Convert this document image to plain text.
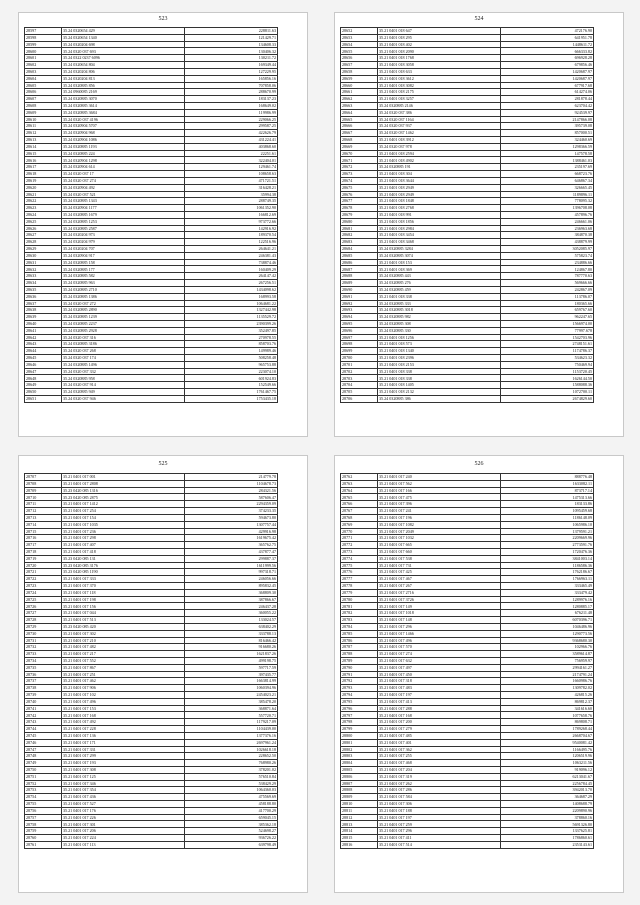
523
28597	35.24 0320654 429	228811.63
28598	35.24 0320654 1340	121429.71
28599	35.24 0320204 698	134608.33
28600	35.24 0320 037 693	130406.32
28601	35.24 0322 0237 6096	130211.72
28602	35.24 0320654 804	169349.44
28603	35.24 0320204 806	127229.95
28604	35.24 0320204 813	165856.16
28605	35.24 0320885 856	707858.06
28606	35.24 0960085 2169	288670.99
28607	35.24 0320885 3070	183137.23
28608	35.24 0320885 3614	168649.02
28609	35.24 0320885 3684	119986.99
28610	35.24 0320 037 4196	229066.25
28611	35.24 0320904 5707	299587.25
28612	35.24 0320904 968	422626.79
28613	35.24 0320904 1086	431224.41
28614	35.24 0320885 1193	403868.60
28615	35.24 0320885 224	22251.61
28616	35.24 0320904 1298	322404.01
28617	35.24 0320904 614	129461.74
28618	35.24 0320 037 17	108658.63
28619	35.24 0320 037 274	471721.51
28620	35.24 0320904 492	316428.21
28621	35.24 0320 037 521	35994.38
28622	35.24 0320885 1343	288749.35
28623	35.24 0320904 1177	1061352.90
28624	35.24 0320885 1679	166812.69
28625	35.24 0320885 1253	973772.66
28626	35.24 0320885 2587	142916.92
28627	35.24 0320204 973	189370.54
28628	35.24 0320204 979	122516.96
28629	35.24 0320204 707	264641.21
28630	35.24 0320904 917	246381.43
28631	35.24 0320885 158	738874.46
28632	35.24 0320885 177	160409.29
28633	35.24 0320885 582	264147.42
28634	35.24 0320885 963	267256.51
28635	35.24 0320885 2710	1434098.62
28636	35.24 0320885 1386	168993.58
28637	35.24 0320 037 272	1064681.22
28638	35.24 0320885 2890	1327442.98
28639	35.24 0320885 1239	1135529.72
28640	35.24 0320885 2237	2390399.26
28641	35.24 0320885 2928	352497.85
28642	35.24 0320 037 316	270978.55
28643	35.24 0320885 3186	858703.76
28644	35.24 0320 037 268	149989.46
28645	35.24 0320 037 174	508258.48
28646	35.24 0320885 1496	965753.88
28647	35.24 0320 037 332	223074.10
28648	35.24 0320885 958	601924.83
28649	35.24 0320 037 914	152549.66
28650	35.24 0320885 949	1761467.75
28651	35.24 0320 037 946	1753435.18
524
28652	35.21 0401 018 647	472176.90
28653	35.21 0401 018 295	641951.78
28654	35.21 0401 018 402	1448611.72
28655	35.21 0401 018 2090	666333.82
28656	35.21 0401 018 1768	696928.28
28657	35.21 0401 018 3058	679856.46
28658	35.21 0401 018 633	1420687.97
28659	35.21 0401 018 3612	1420687.97
28660	35.21 0401 018 3082	677917.68
28661	35.21 0401 018 2175	614274.06
28662	35.21 0401 018 3257	281878.44
28663	35.24 0320885 2146	623704.42
28664	35.24 0320 037 386	924539.97
28665	35.24 0320 037 1164	2147866.08
28666	35.24 0320 037 937	395739.08
28667	35.24 0320 037 1462	857000.51
28668	35.21 0401 018 3912	324460.69
28669	35.24 0320 037 978	1298366.59
28670	35.21 0401 018 2594	147578.58
28671	35.21 0401 018 4902	1388461.03
28672	35.24 0320885 191	235197.69
28673	35.21 0401 018 304	668723.76
28674	35.21 0401 018 3644	646867.34
28675	35.21 0401 018 2949	326665.45
28676	35.21 0401 018 2949	1189896.11
28677	35.21 0401 018 1848	778095.32
28678	35.21 0401 018 2768	1396708.08
28679	35.21 0401 018 991	457896.76
28680	35.21 0401 018 1856	246661.06
28681	35.21 0401 018 2984	236963.68
28682	35.21 0401 018 3454	384870.38
28683	35.21 0401 018 3468	438879.99
28684	35.24 0320885 3284	3052085.97
28685	35.24 0320885 3074	575823.74
28686	35.21 0401 018 153	234886.66
28687	35.21 0401 018 369	124867.80
28688	35.24 0320885 443	787770.63
28689	35.24 0320885 276	569666.66
28690	35.24 0320885 459	242867.09
28691	35.21 0401 018 338	113786.07
28692	35.24 0320885 333	180365.66
28693	35.24 0320885 3018	659767.60
28694	35.24 0320885 982	962247.65
28695	35.24 0320885 308	1566974.00
28696	35.24 0320885 330	77997.678
28697	35.21 0401 018 1256	1542703.96
28698	35.21 0401 018 573	2748151.61
28699	35.21 0401 018 1340	1174786.37
28700	35.21 0401 018 2396	534623.32
28701	35.21 0401 018 2153	750469.94
28702	35.21 0401 018 338	1153720.45
28703	35.21 0401 018 338	1626144.50
28704	35.21 0401 018 1405	1588088.36
28705	35.21 0401 018 2132	1072700.11
28706	35.24 0320885 386	2674829.60
525
28707	35.21 0401 017 001	214779.78
28708	35.21 0401 017 2808	1104678.73
28709	35.23 0420 085 1316	284321.56
28710	35.23 0420 085 2875	587606.47
28711	35.21 0401 017 1412	2294359.09
28712	35.21 0401 017 254	374233.35
28713	35.21 0401 017 154	594673.80
28714	35.21 0401 017 1035	1307757.44
28715	35.21 0401 017 236	429916.98
28716	35.21 0401 017 298	1619675.42
28717	35.21 0401 017 407	365762.75
28718	35.21 0401 017 418	437877.47
28719	35.23 0420 085 131	299887.37
28720	35.23 0420 085 3176	1611999.56
28721	35.23 0420 085 1190	997318.71
28722	35.21 0401 017 333	246056.66
28723	35.21 0401 017 370	895832.45
28724	35.21 0401 017 118	368809.30
28725	35.21 0401 017 198	387866.67
28726	35.21 0401 017 156	246437.28
28727	35.21 0401 017 044	360055.22
28728	35.21 0401 017 513	133024.57
28729	35.23 0420 085 420	638402.29
28730	35.21 0401 017 302	333788.13
28731	35.21 0401 017 210	816466.42
28732	35.21 0401 017 482	916680.26
28733	35.21 0401 017 217	1621837.26
28734	35.21 0401 017 552	499198.75
28735	35.21 0401 017 867	597717.59
28736	35.21 0401 017 251	397435.77
28737	35.21 0401 017 462	1663814.99
28738	35.21 0401 017 906	1060394.96
28739	35.21 0401 017 102	2454023.21
28740	35.21 0401 017 496	385478.20
28741	35.21 0401 017 153	368871.64
28742	35.21 0401 017 168	557720.71
28743	35.21 0401 017 492	1179217.09
28744	35.21 0401 017 228	1104439.00
28745	35.21 0401 017 136	1377376.16
28746	35.21 0401 017 171	2697961.24
28747	35.21 0401 017 331	1026618.18
28748	35.21 0401 017 299	228652.50
28749	35.21 0401 017 193	768980.26
28750	35.21 0401 017 308	378201.02
28751	35.21 0401 017 125	576510.84
28752	35.21 0401 017 346	538429.29
28753	35.21 0401 017 354	1064360.03
28754	35.21 0401 017 436	475569.69
28755	35.21 0401 017 527	458188.80
28756	35.21 0401 017 176	417700.29
28757	35.21 0401 017 226	659045.15
28758	35.21 0401 017 301	385362.18
28759	35.21 0401 017 206	524698.27
28760	35.21 0401 017 224	936726.22
28761	35.21 0401 017 113	639798.49
526
28762	35.21 0401 017 240	888776.48
28763	35.21 0401 017 562	1633082.11
28764	35.21 0401 017 166	873717.14
28765	35.21 0401 017 475	1475313.66
28766	35.21 0401 017 396	183133.86
28767	35.21 0401 017 241	1095459.68
28768	35.21 0401 017 196	1186148.09
28769	35.21 0401 017 1082	1065986.10
28770	35.21 0401 017 2049	1379591.21
28771	35.21 0401 017 1032	2209669.96
28772	35.21 0401 017 665	2773591.76
28773	35.21 0401 017 660	1720476.36
28774	35.21 0401 017 538	3841003.14
28775	35.21 0401 017 731	1186586.36
28776	35.21 0401 017 425	1762186.67
28777	35.21 0401 017 467	1766963.11
28778	35.21 0401 017 267	333465.49
28779	35.21 0401 017 2716	333479.42
28780	35.21 0401 017 3726	1289976.16
28781	35.21 0401 017 149	1280885.17
28782	35.21 0401 017 1018	676211.48
28783	35.21 0401 017 148	6070396.71
28784	35.21 0401 017 296	1046486.96
28785	35.21 0401 017 1466	1290773.56
28786	35.21 0401 017 496	9368680.30
28787	35.21 0401 017 570	102966.76
28788	35.21 0401 017 274	3589614.87
28789	35.21 0401 017 632	756959.97
28790	35.21 0401 017 497	2994161.27
28791	35.21 0401 017 450	2174791.24
28792	35.21 0401 017 318	1660986.76
28793	35.21 0401 017 483	1309782.02
28794	35.21 0401 017 197	426815.26
28795	35.21 0401 017 413	869812.37
28796	35.21 0401 017 288	341616.60
28797	35.21 0401 017 168	1077658.76
28798	35.21 0401 017 200	869808.71
28799	35.21 0401 017 279	1789268.44
28800	35.21 0401 017 485	2668704.67
28801	35.21 0401 017 401	9540081.42
28802	35.21 0401 017 362	1166495.76
28803	35.21 0401 017 255	1206519.96
28804	35.21 0401 017 468	1063211.56
28805	35.21 0401 017 204	919096.12
28806	35.21 0401 017 319	6213041.67
28807	35.21 0401 017 262	2256784.45
28808	35.21 0401 017 286	3942013.70
28809	35.21 0401 017 584	364687.29
28810	35.21 0401 017 306	1408688.79
28811	35.21 0401 017 188	2209890.96
28812	35.21 0401 017 197	378860.16
28813	35.21 0401 017 259	5691326.80
28814	35.21 0401 017 296	1337625.81
28815	35.21 0401 017 411	1786860.61
28816	35.21 0401 017 514	2353143.61
